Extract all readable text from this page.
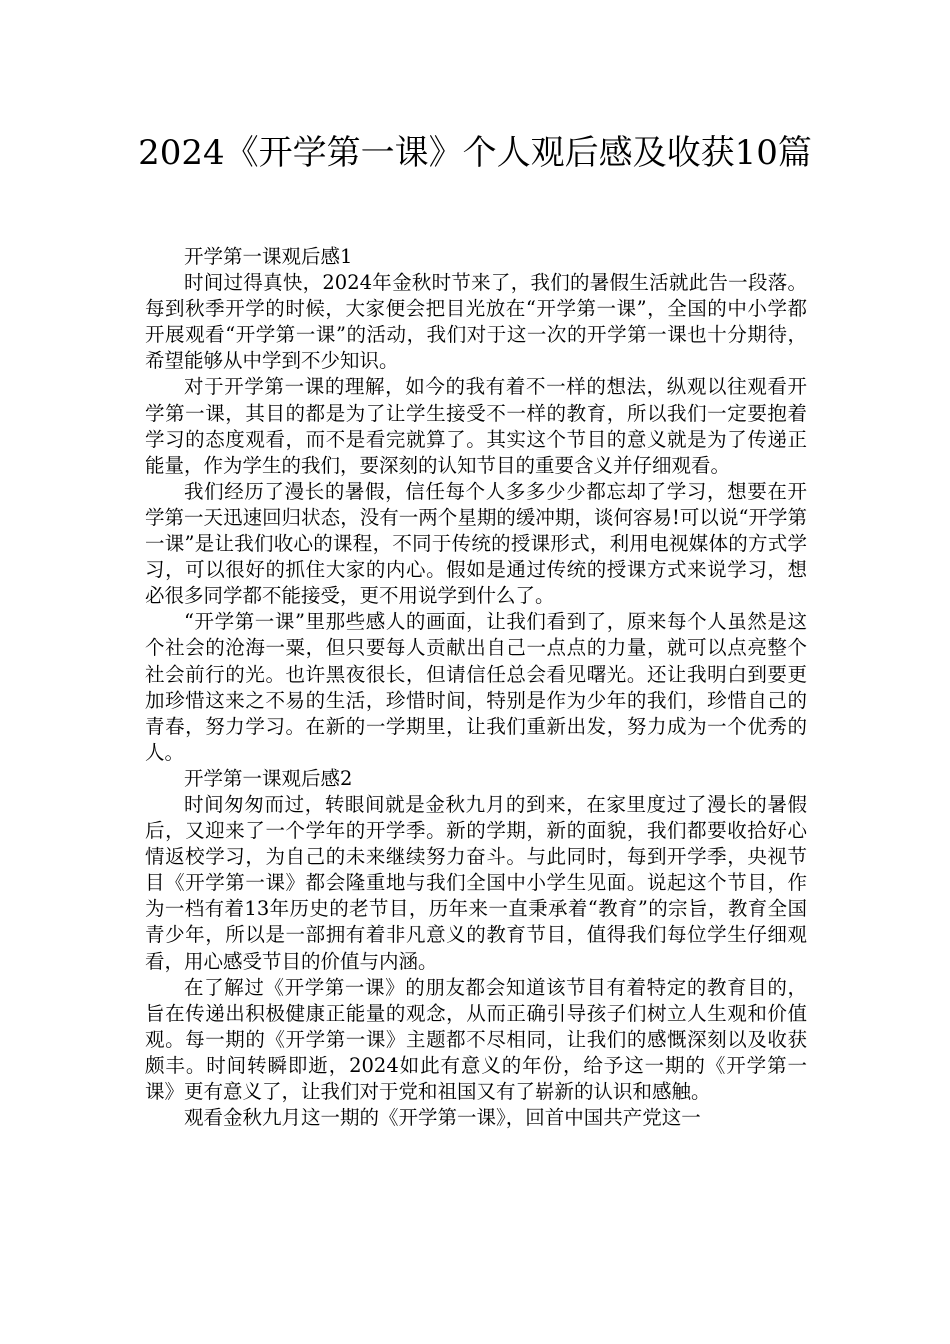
2024《开学第一课》个人观后感及收获10篇

开学第一课观后感1

时间过得真快，2024年金秋时节来了，我们的暑假生活就此告一段落。每到秋季开学的时候，大家便会把目光放在“开学第一课”，全国的中小学都开展观看“开学第一课”的活动，我们对于这一次的开学第一课也十分期待，希望能够从中学到不少知识。

对于开学第一课的理解，如今的我有着不一样的想法，纵观以往观看开学第一课，其目的都是为了让学生接受不一样的教育，所以我们一定要抱着学习的态度观看，而不是看完就算了。其实这个节目的意义就是为了传递正能量，作为学生的我们，要深刻的认知节目的重要含义并仔细观看。

我们经历了漫长的暑假，信任每个人多多少少都忘却了学习，想要在开学第一天迅速回归状态，没有一两个星期的缓冲期，谈何容易!可以说“开学第一课”是让我们收心的课程，不同于传统的授课形式，利用电视媒体的方式学习，可以很好的抓住大家的内心。假如是通过传统的授课方式来说学习，想必很多同学都不能接受，更不用说学到什么了。

“开学第一课”里那些感人的画面，让我们看到了，原来每个人虽然是这个社会的沧海一粟，但只要每人贡献出自己一点点的力量，就可以点亮整个社会前行的光。也许黑夜很长，但请信任总会看见曙光。还让我明白到要更加珍惜这来之不易的生活，珍惜时间，特别是作为少年的我们，珍惜自己的青春，努力学习。在新的一学期里，让我们重新出发，努力成为一个优秀的人。

开学第一课观后感2

时间匆匆而过，转眼间就是金秋九月的到来，在家里度过了漫长的暑假后，又迎来了一个学年的开学季。新的学期，新的面貌，我们都要收拾好心情返校学习，为自己的未来继续努力奋斗。与此同时，每到开学季，央视节目《开学第一课》都会隆重地与我们全国中小学生见面。说起这个节目，作为一档有着13年历史的老节目，历年来一直秉承着“教育”的宗旨，教育全国青少年，所以是一部拥有着非凡意义的教育节目，值得我们每位学生仔细观看，用心感受节目的价值与内涵。

在了解过《开学第一课》的朋友都会知道该节目有着特定的教育目的，旨在传递出积极健康正能量的观念，从而正确引导孩子们树立人生观和价值观。每一期的《开学第一课》主题都不尽相同，让我们的感慨深刻以及收获颇丰。时间转瞬即逝，2024如此有意义的年份，给予这一期的《开学第一课》更有意义了，让我们对于党和祖国又有了崭新的认识和感触。

观看金秋九月这一期的《开学第一课》，回首中国共产党这一
